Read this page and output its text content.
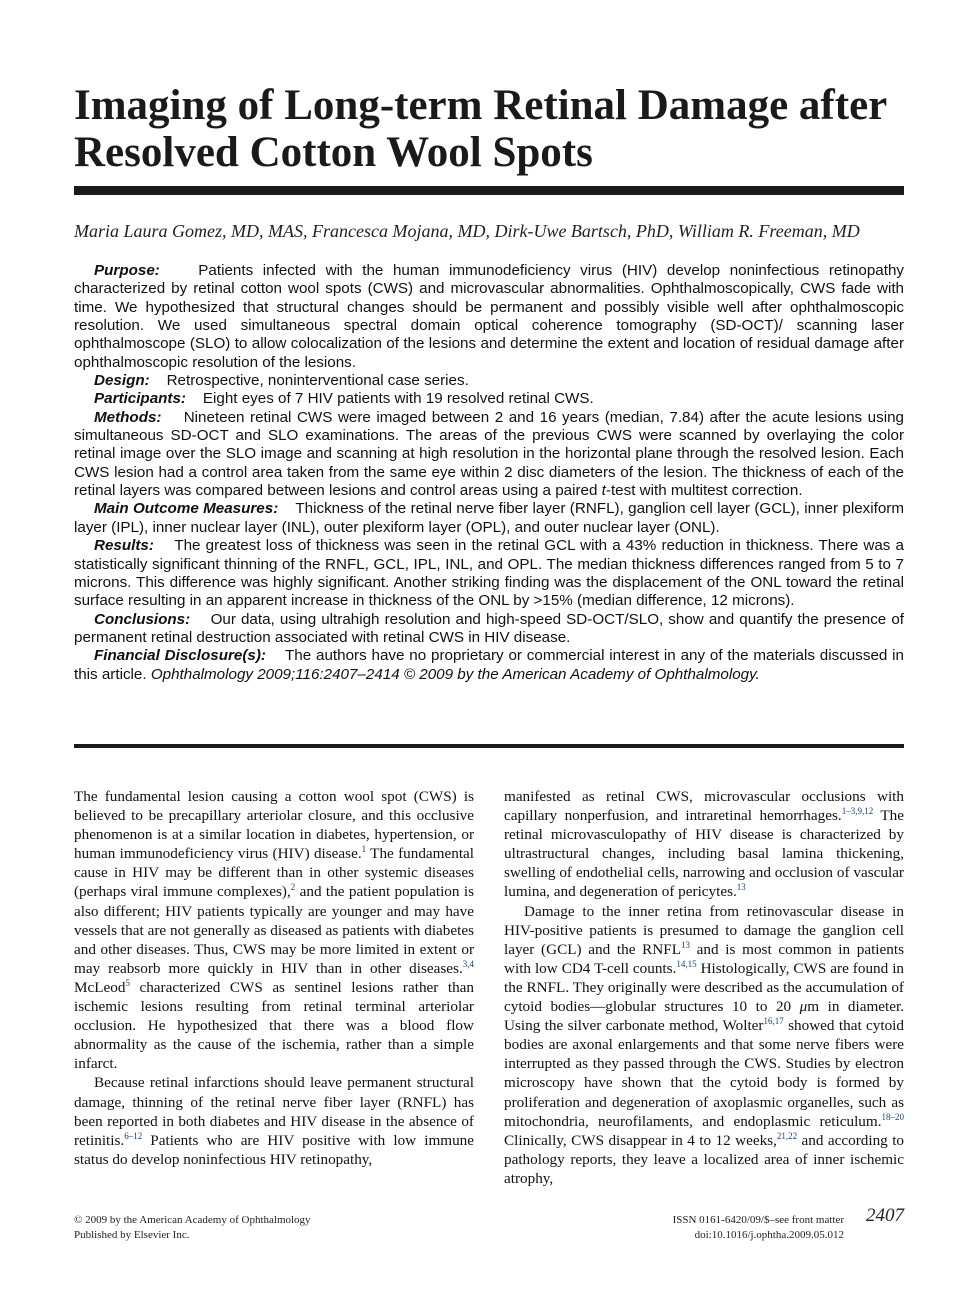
Imaging of Long-term Retinal Damage after Resolved Cotton Wool Spots
Maria Laura Gomez, MD, MAS, Francesca Mojana, MD, Dirk-Uwe Bartsch, PhD, William R. Freeman, MD

Purpose:	Patients infected with the human immunodeficiency virus (HIV) develop noninfectious retinopathy characterized by retinal cotton wool spots (CWS) and microvascular abnormalities. Ophthalmoscopically, CWS fade with time. We hypothesized that structural changes should be permanent and possibly visible well after ophthalmoscopic resolution. We used simultaneous spectral domain optical coherence tomography (SD-OCT)/ scanning laser ophthalmoscope (SLO) to allow colocalization of the lesions and determine the extent and location of residual damage after ophthalmoscopic resolution of the lesions.

Design: Retrospective, noninterventional case series.

Participants: Eight eyes of 7 HIV patients with 19 resolved retinal CWS.

Methods: Nineteen retinal CWS were imaged between 2 and 16 years (median, 7.84) after the acute lesions using simultaneous SD-OCT and SLO examinations. The areas of the previous CWS were scanned by overlaying the color retinal image over the SLO image and scanning at high resolution in the horizontal plane through the resolved lesion. Each CWS lesion had a control area taken from the same eye within 2 disc diameters of the lesion. The thickness of each of the retinal layers was compared between lesions and control areas using a paired t-test with multitest correction.

Main Outcome Measures: Thickness of the retinal nerve fiber layer (RNFL), ganglion cell layer (GCL), inner plexiform layer (IPL), inner nuclear layer (INL), outer plexiform layer (OPL), and outer nuclear layer (ONL).

Results: The greatest loss of thickness was seen in the retinal GCL with a 43% reduction in thickness. There was a statistically significant thinning of the RNFL, GCL, IPL, INL, and OPL. The median thickness differences ranged from 5 to 7 microns. This difference was highly significant. Another striking finding was the displacement of the ONL toward the retinal surface resulting in an apparent increase in thickness of the ONL by >15% (median difference, 12 microns).

Conclusions: Our data, using ultrahigh resolution and high-speed SD-OCT/SLO, show and quantify the presence of permanent retinal destruction associated with retinal CWS in HIV disease.

Financial Disclosure(s): The authors have no proprietary or commercial interest in any of the materials discussed in this article. Ophthalmology 2009;116:2407–2414 © 2009 by the American Academy of Ophthalmology.

The fundamental lesion causing a cotton wool spot (CWS) is believed to be precapillary arteriolar closure, and this occlusive phenomenon is at a similar location in diabetes, hypertension, or human immunodeficiency virus (HIV) disease.$^1$ The fundamental cause in HIV may be different than in other systemic diseases (perhaps viral immune complexes),$^2$ and the patient population is also different; HIV patients typically are younger and may have vessels that are not generally as diseased as patients with diabetes and other diseases. Thus, CWS may be more limited in extent or may reabsorb more quickly in HIV than in other diseases.$^{3,4}$ McLeod$^5$ characterized CWS as sentinel lesions rather than ischemic lesions resulting from retinal terminal arteriolar occlusion. He hypothesized that there was a blood flow abnormality as the cause of the ischemia, rather than a simple infarct.

Because retinal infarctions should leave permanent structural damage, thinning of the retinal nerve fiber layer (RNFL) has been reported in both diabetes and HIV disease in the absence of retinitis.$^{6-12}$ Patients who are HIV positive with low immune status do develop noninfectious HIV retinopathy,

manifested as retinal CWS, microvascular occlusions with capillary nonperfusion, and intraretinal hemorrhages.$^{1-3,9,12}$ The retinal microvasculopathy of HIV disease is characterized by ultrastructural changes, including basal lamina thickening, swelling of endothelial cells, narrowing and occlusion of vascular lumina, and degeneration of pericytes.$^{13}$

Damage to the inner retina from retinovascular disease in HIV-positive patients is presumed to damage the ganglion cell layer (GCL) and the RNFL$^{13}$ and is most common in patients with low CD4 T-cell counts.$^{14,15}$ Histologically, CWS are found in the RNFL. They originally were described as the accumulation of cytoid bodies—globular structures 10 to 20 μm in diameter. Using the silver carbonate method, Wolter$^{16,17}$ showed that cytoid bodies are axonal enlargements and that some nerve fibers were interrupted as they passed through the CWS. Studies by electron microscopy have shown that the cytoid body is formed by proliferation and degeneration of axoplasmic organelles, such as mitochondria, neurofilaments, and endoplasmic reticulum.$^{18-20}$ Clinically, CWS disappear in 4 to 12 weeks,$^{21,22}$ and according to pathology reports, they leave a localized area of inner ischemic atrophy,

© 2009 by the American Academy of Ophthalmology
Published by Elsevier Inc.
ISSN 0161-6420/09/$–see front matter
doi:10.1016/j.ophtha.2009.05.012
2407
